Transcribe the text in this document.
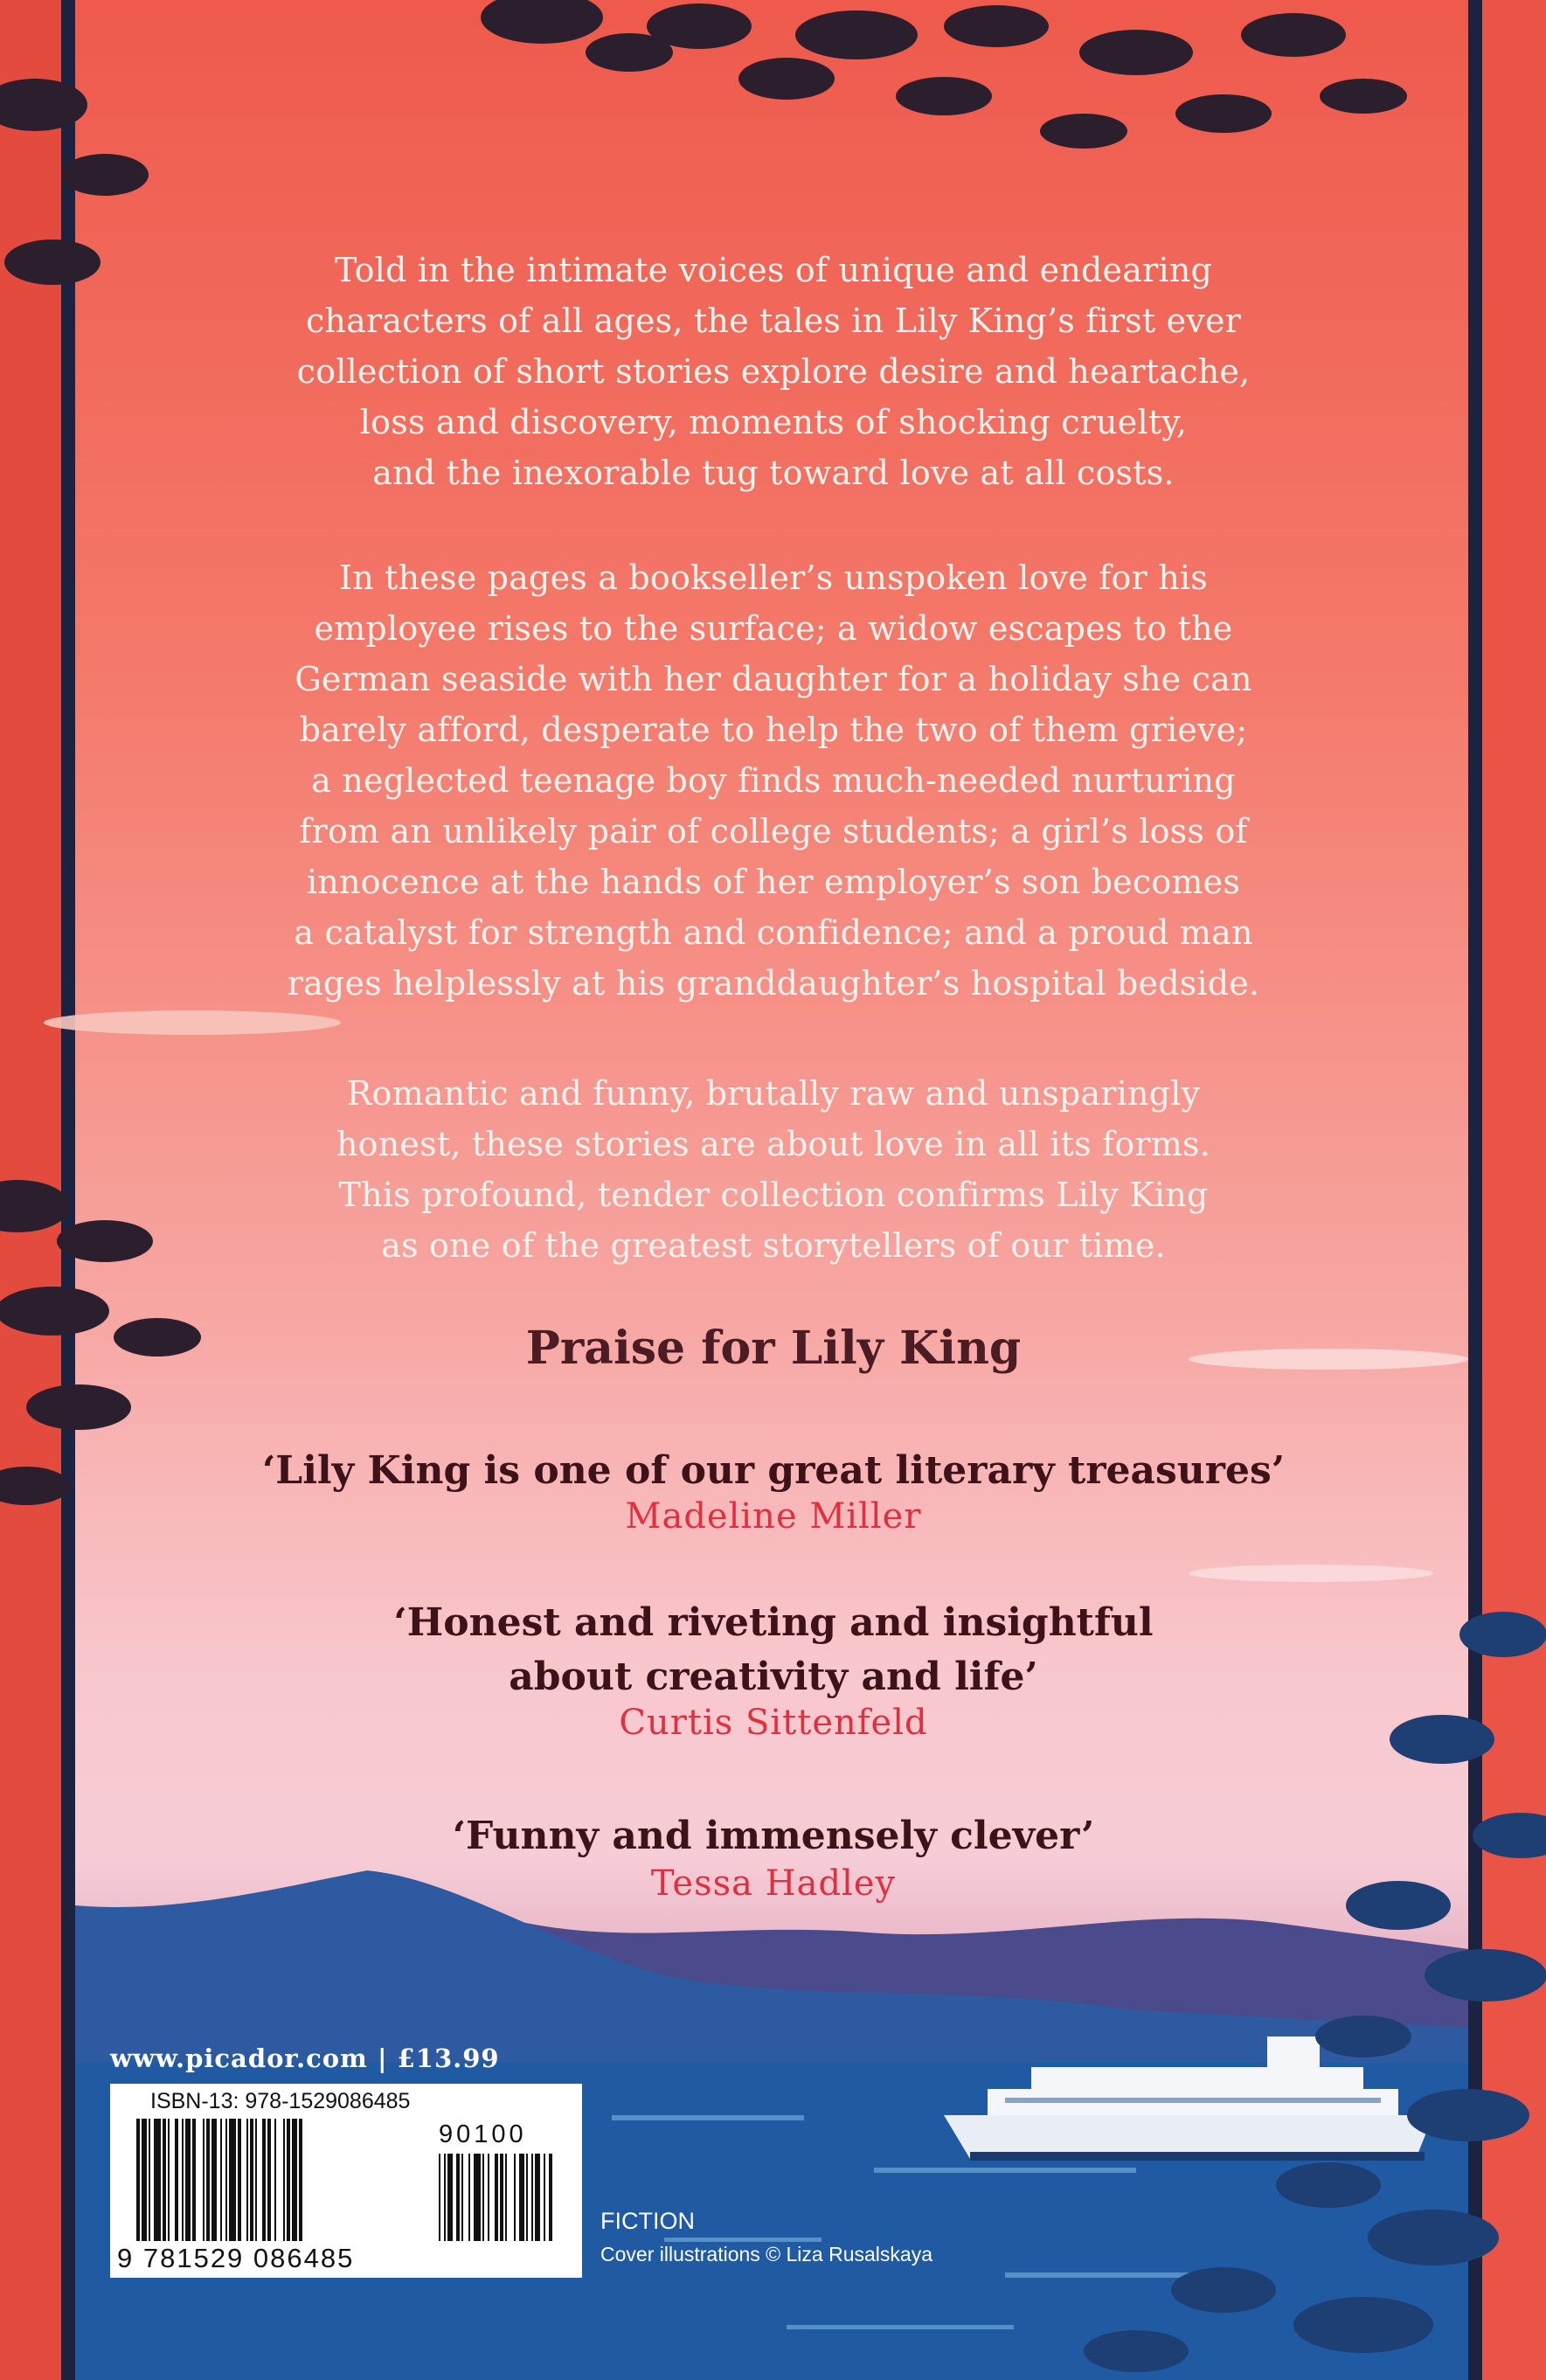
Told in the intimate voices of unique and endearing
characters of all ages, the tales in Lily King’s first ever
collection of short stories explore desire and heartache,
loss and discovery, moments of shocking cruelty,
and the inexorable tug toward love at all costs.
In these pages a bookseller’s unspoken love for his
employee rises to the surface; a widow escapes to the
German seaside with her daughter for a holiday she can
barely afford, desperate to help the two of them grieve;
a neglected teenage boy finds much-needed nurturing
from an unlikely pair of college students; a girl’s loss of
innocence at the hands of her employer’s son becomes
a catalyst for strength and confidence; and a proud man
rages helplessly at his granddaughter’s hospital bedside.
Romantic and funny, brutally raw and unsparingly
honest, these stories are about love in all its forms.
This profound, tender collection confirms Lily King
as one of the greatest storytellers of our time.
Praise for Lily King
‘Lily King is one of our great literary treasures’
Madeline Miller
‘Honest and riveting and insightful
about creativity and life’
Curtis Sittenfeld
‘Funny and immensely clever’
Tessa Hadley
www.picador.com | £13.99
ISBN-13: 978-1529086485
90100
9 781529 086485
FICTION
Cover illustrations © Liza Rusalskaya
